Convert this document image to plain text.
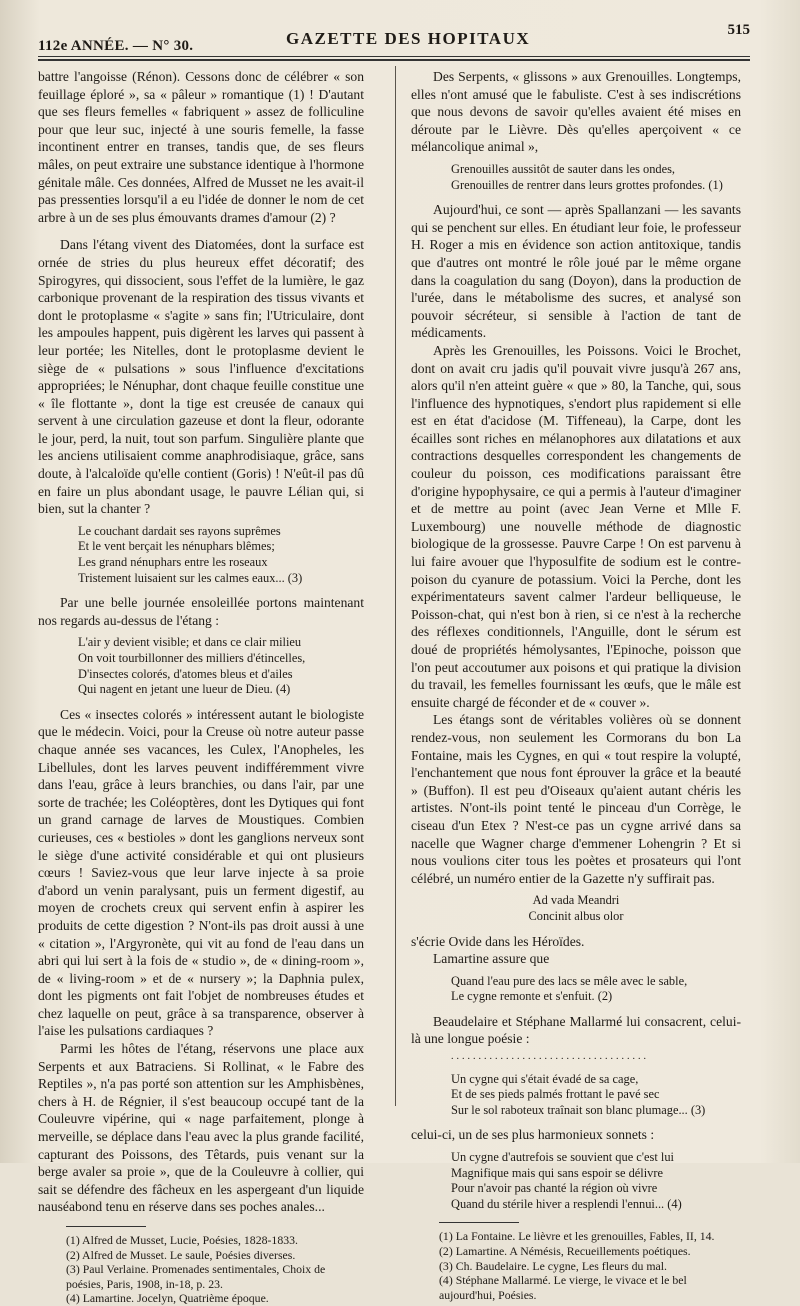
112e ANNÉE. — N° 30.	GAZETTE DES HOPITAUX	515

battre l'angoisse (Rénon). Cessons donc de célébrer « son feuillage éploré », sa « pâleur » romantique (1) ! D'autant que ses fleurs femelles « fabriquent » assez de folliculine pour que leur suc, injecté à une souris femelle, la fasse incontinent entrer en transes, tandis que, de ses fleurs mâles, on peut extraire une substance identique à l'hormone génitale mâle. Ces données, Alfred de Musset ne les avait-il pas pressenties lorsqu'il a eu l'idée de donner le nom de cet arbre à un de ses plus émouvants drames d'amour (2) ?

Dans l'étang vivent des Diatomées, dont la surface est ornée de stries du plus heureux effet décoratif; des Spirogyres, qui dissocient, sous l'effet de la lumière, le gaz carbonique provenant de la respiration des tissus vivants et dont le protoplasme « s'agite » sans fin; l'Utriculaire, dont les ampoules happent, puis digèrent les larves qui passent à leur portée; les Nitelles, dont le protoplasme devient le siège de « pulsations » sous l'influence d'excitations appropriées; le Nénuphar, dont chaque feuille constitue une « île flottante », dont la tige est creusée de canaux qui servent à une circulation gazeuse et dont la fleur, odorante le jour, perd, la nuit, tout son parfum. Singulière plante que les anciens utilisaient comme anaphrodisiaque, grâce, sans doute, à l'alcaloïde qu'elle contient (Goris) ! N'eût-il pas dû en faire un plus abondant usage, le pauvre Lélian qui, si bien, sut la chanter ?

Le couchant dardait ses rayons suprêmes
Et le vent berçait les nénuphars blêmes;
Les grand nénuphars entre les roseaux
Tristement luisaient sur les calmes eaux... (3)

Par une belle journée ensoleillée portons maintenant nos regards au-dessus de l'étang :

L'air y devient visible; et dans ce clair milieu
On voit tourbillonner des milliers d'étincelles,
D'insectes colorés, d'atomes bleus et d'ailes
Qui nagent en jetant une lueur de Dieu. (4)

Ces « insectes colorés » intéressent autant le biologiste que le médecin. Voici, pour la Creuse où notre auteur passe chaque année ses vacances, les Culex, l'Anopheles, les Libellules, dont les larves peuvent indifféremment vivre dans l'eau, grâce à leurs branchies, ou dans l'air, par une sorte de trachée; les Coléoptères, dont les Dytiques qui font un grand carnage de larves de Moustiques. Combien curieuses, ces « bestioles » dont les ganglions nerveux sont le siège d'une activité considérable et qui ont plusieurs cœurs ! Saviez-vous que leur larve injecte à sa proie d'abord un venin paralysant, puis un ferment digestif, au moyen de crochets creux qui servent enfin à aspirer les produits de cette digestion ? N'ont-ils pas droit aussi à une « citation », l'Argyronète, qui vit au fond de l'eau dans un abri qui lui sert à la fois de « studio », de « dining-room », de « living-room » et de « nursery »; la Daphnia pulex, dont les pigments ont fait l'objet de nombreuses études et chez laquelle on peut, grâce à sa transparence, observer à l'aise les pulsations cardiaques ?

Parmi les hôtes de l'étang, réservons une place aux Serpents et aux Batraciens. Si Rollinat, « le Fabre des Reptiles », n'a pas porté son attention sur les Amphisbènes, chers à H. de Régnier, il s'est beaucoup occupé tant de la Couleuvre vipérine, qui « nage parfaitement, plonge à merveille, se déplace dans l'eau avec la plus grande facilité, capturant des Poissons, des Têtards, puis venant sur la berge avaler sa proie », que de la Couleuvre à collier, qui sait se défendre des fâcheux en les aspergeant d'un liquide nauséabond tenu en réserve dans ses poches anales...

(1) Alfred de Musset, Lucie, Poésies, 1828-1833.

(2) Alfred de Musset. Le saule, Poésies diverses.

(3) Paul Verlaine. Promenades sentimentales, Choix de poésies, Paris, 1908, in-18, p. 23.

(4) Lamartine. Jocelyn, Quatrième époque.

Des Serpents, « glissons » aux Grenouilles. Longtemps, elles n'ont amusé que le fabuliste. C'est à ses indiscrétions que nous devons de savoir qu'elles avaient été mises en déroute par le Lièvre. Dès qu'elles aperçoivent « ce mélancolique animal »,

Grenouilles aussitôt de sauter dans les ondes,
Grenouilles de rentrer dans leurs grottes profondes. (1)

Aujourd'hui, ce sont — après Spallanzani — les savants qui se penchent sur elles. En étudiant leur foie, le professeur H. Roger a mis en évidence son action antitoxique, tandis que d'autres ont montré le rôle joué par le même organe dans la coagulation du sang (Doyon), dans la production de l'urée, dans le métabolisme des sucres, et analysé son pouvoir sécréteur, si sensible à l'action de tant de médicaments.

Après les Grenouilles, les Poissons. Voici le Brochet, dont on avait cru jadis qu'il pouvait vivre jusqu'à 267 ans, alors qu'il n'en atteint guère « que » 80, la Tanche, qui, sous l'influence des hypnotiques, s'endort plus rapidement si elle est en état d'acidose (M. Tiffeneau), la Carpe, dont les écailles sont riches en mélanophores aux dilatations et aux contractions desquelles correspondent les changements de couleur du poisson, ces modifications paraissant être d'origine hypophysaire, ce qui a permis à l'auteur d'imaginer et de mettre au point (avec Jean Verne et Mlle F. Luxembourg) une nouvelle méthode de diagnostic biologique de la grossesse. Pauvre Carpe ! On est parvenu à lui faire avouer que l'hyposulfite de sodium est le contre-poison du cyanure de potassium. Voici la Perche, dont les expérimentateurs savent calmer l'ardeur belliqueuse, le Poisson-chat, qui n'est bon à rien, si ce n'est à la recherche des réflexes conditionnels, l'Anguille, dont le sérum est doué de propriétés hémolysantes, l'Epinoche, poisson que l'on peut accoutumer aux poisons et qui pratique la division du travail, les femelles fournissant les œufs, que le mâle est ensuite chargé de féconder et de « couver ».

Les étangs sont de véritables volières où se donnent rendez-vous, non seulement les Cormorans du bon La Fontaine, mais les Cygnes, en qui « tout respire la volupté, l'enchantement que nous font éprouver la grâce et la beauté » (Buffon). Il est peu d'Oiseaux qu'aient autant chéris les artistes. N'ont-ils point tenté le pinceau d'un Corrège, le ciseau d'un Etex ? N'est-ce pas un cygne arrivé dans sa nacelle que Wagner charge d'emmener Lohengrin ? Et si nous voulions citer tous les poètes et prosateurs qui l'ont célébré, un numéro entier de la Gazette n'y suffirait pas.

Ad vada Meandri
Concinit albus olor

s'écrie Ovide dans les Héroïdes.

Lamartine assure que

Quand l'eau pure des lacs se mêle avec le sable,
Le cygne remonte et s'enfuit. (2)

Beaudelaire et Stéphane Mallarmé lui consacrent, celui-là une longue poésie :

....................................
Un cygne qui s'était évadé de sa cage,
Et de ses pieds palmés frottant le pavé sec
Sur le sol raboteux traînait son blanc plumage... (3)

celui-ci, un de ses plus harmonieux sonnets :

Un cygne d'autrefois se souvient que c'est lui
Magnifique mais qui sans espoir se délivre
Pour n'avoir pas chanté la région où vivre
Quand du stérile hiver a resplendi l'ennui... (4)

(1) La Fontaine. Le lièvre et les grenouilles, Fables, II, 14.

(2) Lamartine. A Némésis, Recueillements poétiques.

(3) Ch. Baudelaire. Le cygne, Les fleurs du mal.

(4) Stéphane Mallarmé. Le vierge, le vivace et le bel aujourd'hui, Poésies.
